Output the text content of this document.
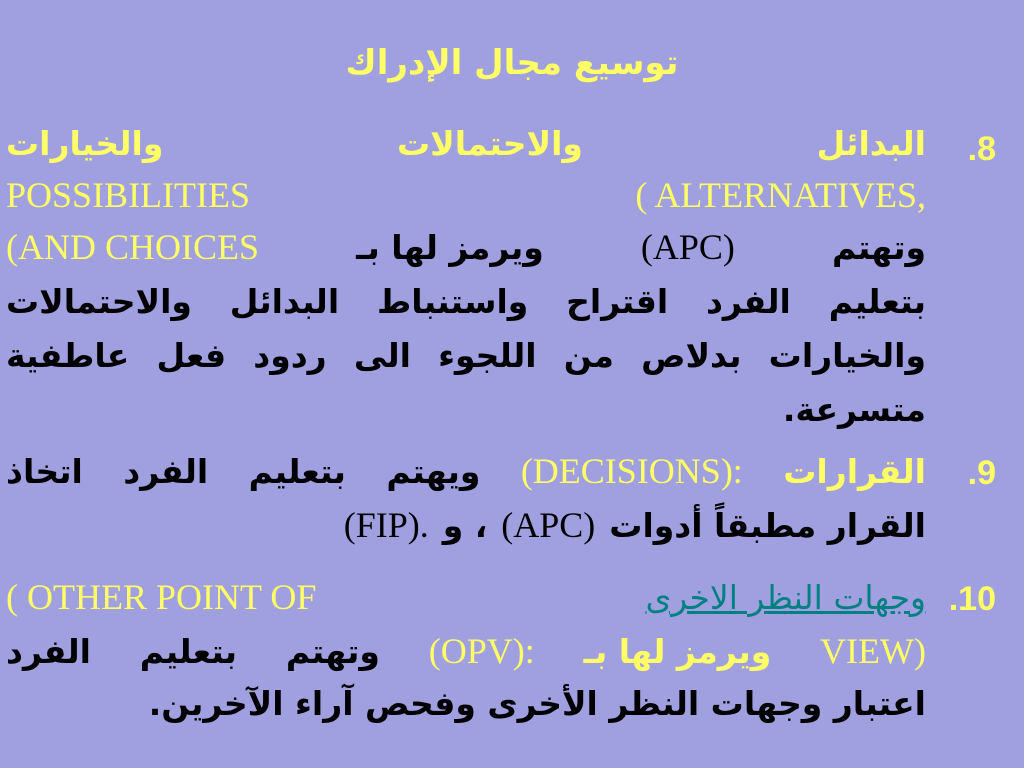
توسيع مجال الإدراك
8.
البدائل
والاحتمالات
والخيارات
( ALTERNATIVES,
POSSIBILITIES
وتهتم
(APC)
ويرمز لها بـ
(AND CHOICES
بتعليم
الفرد
اقتراح
واستنباط
البدائل
والاحتمالات
والخيارات
بدلاص
من
اللجوء
الى
ردود
فعل
عاطفية
متسرعة.
9.
القرارات
(DECISIONS):
ويهتم
بتعليم
الفرد
اتخاذ
القرار مطبقاً أدوات
(APC)
، و
(FIP).
10.
وجهات النظر الاخرى
( OTHER POINT OF
VIEW)
ويرمز لها بـ
(OPV):
وتهتم
بتعليم
الفرد
اعتبار وجهات النظر الأخرى وفحص آراء الآخرين.
